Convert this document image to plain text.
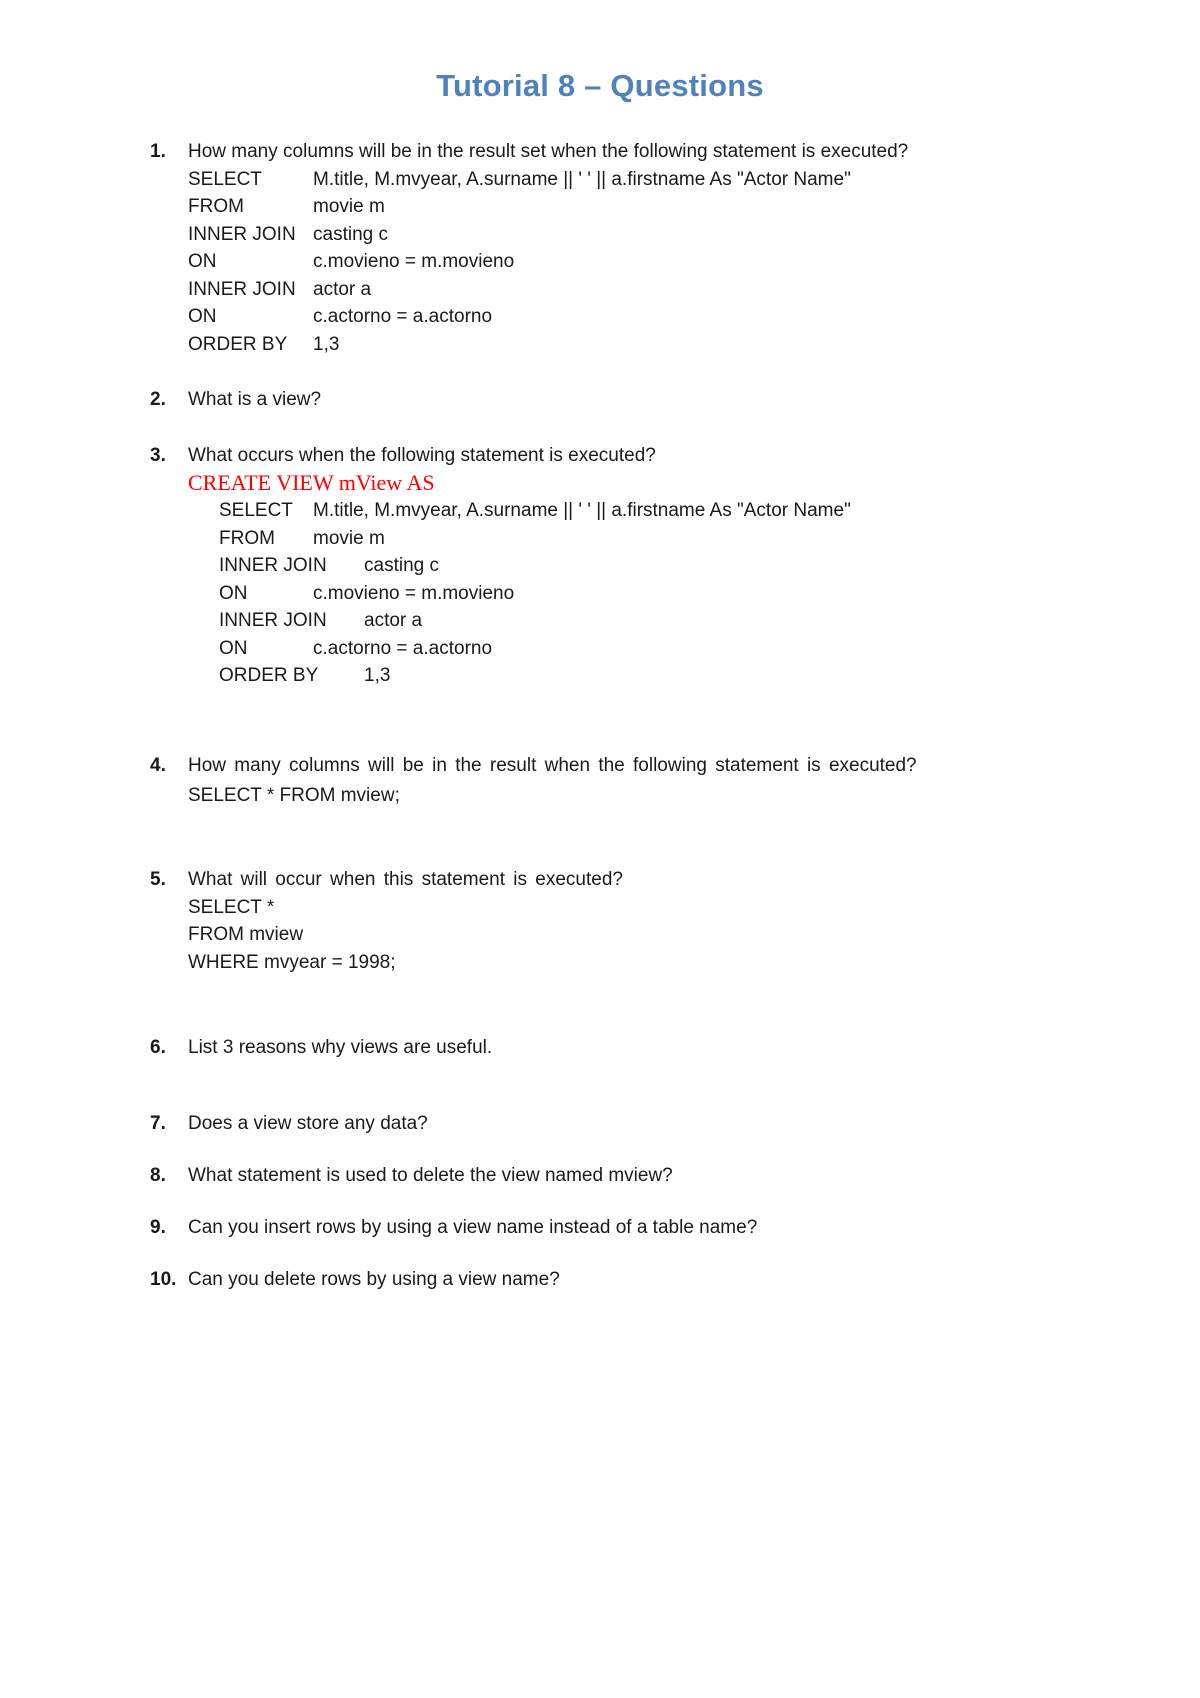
Tutorial 8 – Questions
1.	How many columns will be in the result set when the following statement is executed?
SELECT	M.title, M.mvyear, A.surname || ' ' || a.firstname As "Actor Name"
FROM	movie m
INNER JOIN casting c
ON	c.movieno = m.movieno
INNER JOIN actor a
ON	c.actorno = a.actorno
ORDER BY 1,3
2.	What is a view?
3.	What occurs when the following statement is executed?
CREATE VIEW mView AS
SELECT M.title, M.mvyear, A.surname || ' ' || a.firstname As "Actor Name"
FROM movie m
INNER JOIN casting c
ON	c.movieno = m.movieno
INNER JOIN actor a
ON	c.actorno = a.actorno
ORDER BY 1,3
4.	How many columns will be in the result when the following statement is executed?
SELECT * FROM mview;
5.	What will occur when this statement is executed?
SELECT *
FROM mview
WHERE mvyear = 1998;
6.	List 3 reasons why views are useful.
7.	Does a view store any data?
8.	What statement is used to delete the view named mview?
9.	Can you insert rows by using a view name instead of a table name?
10. Can you delete rows by using a view name?
